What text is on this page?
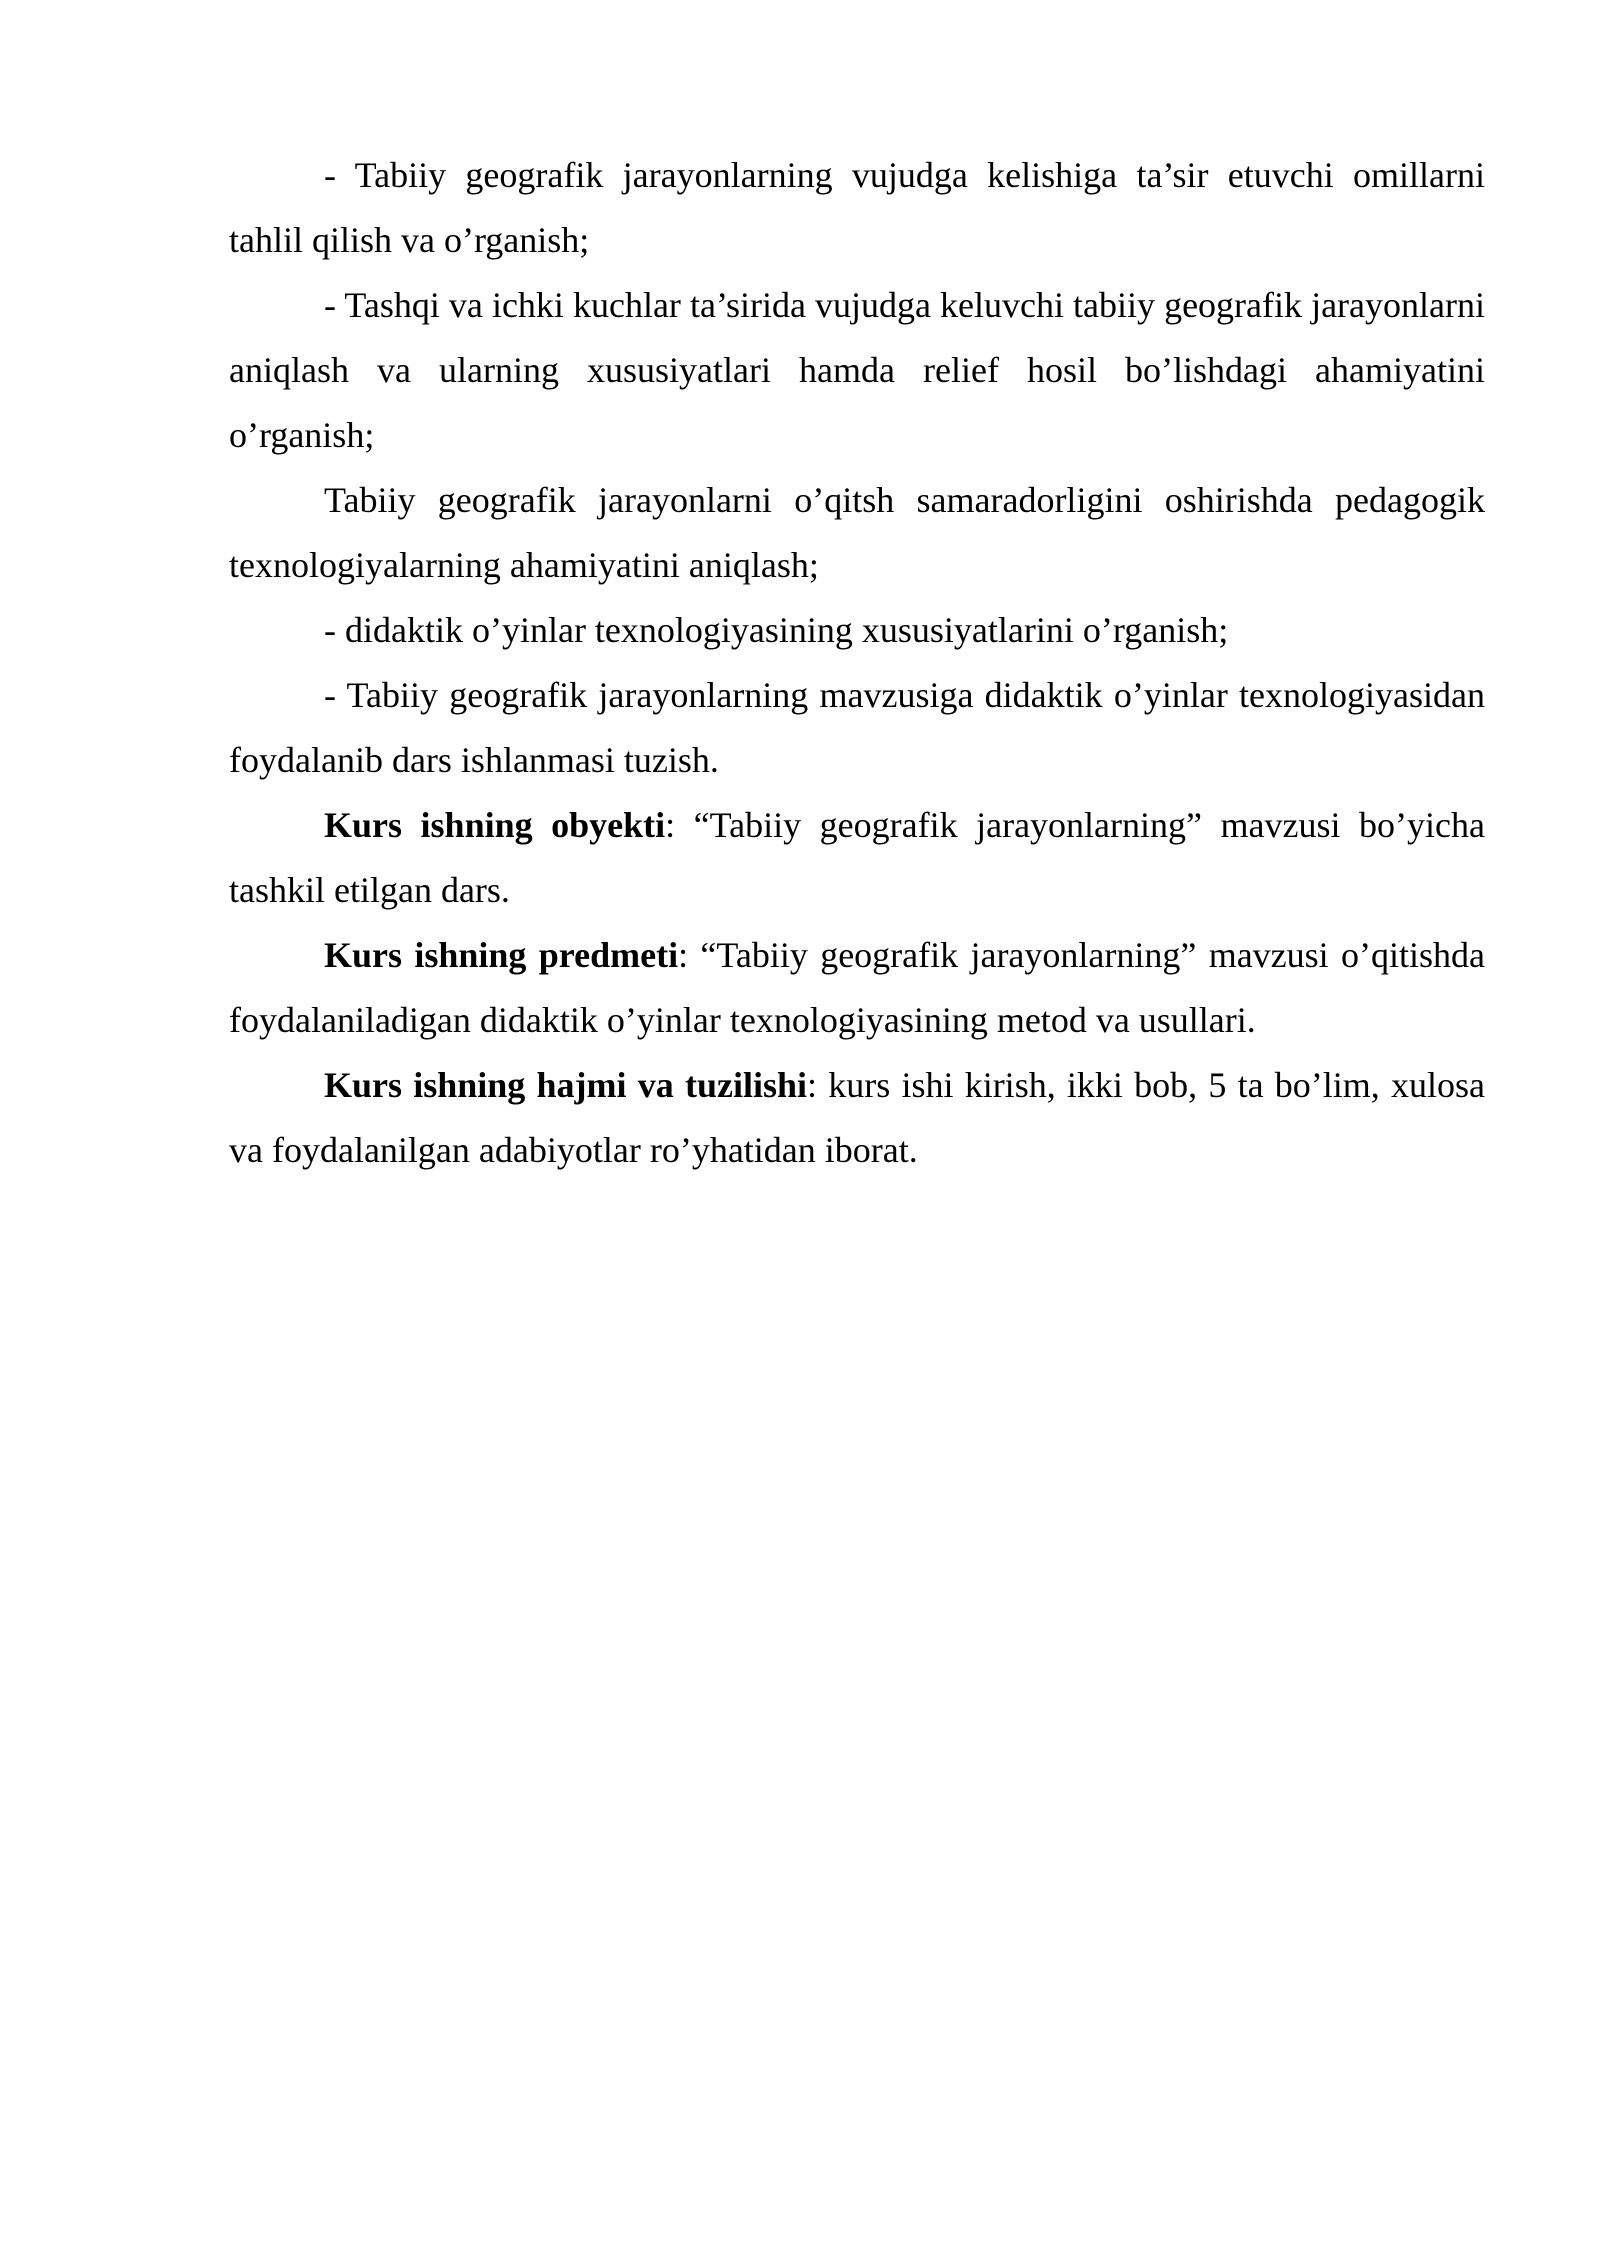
- Tabiiy geografik jarayonlarning vujudga kelishiga ta’sir etuvchi omillarni tahlil qilish va o’rganish;

- Tashqi va ichki kuchlar ta’sirida vujudga keluvchi tabiiy geografik jarayonlarni aniqlash va ularning xususiyatlari hamda relief hosil bo’lishdagi ahamiyatini o’rganish;

Tabiiy geografik jarayonlarni o’qitsh samaradorligini oshirishda pedagogik texnologiyalarning ahamiyatini aniqlash;

- didaktik o’yinlar texnologiyasining xususiyatlarini o’rganish;

- Tabiiy geografik jarayonlarning mavzusiga didaktik o’yinlar texnologiyasidan foydalanib dars ishlanmasi tuzish.

Kurs ishning obyekti: “Tabiiy geografik jarayonlarning” mavzusi bo’yicha tashkil etilgan dars.

Kurs ishning predmeti: “Tabiiy geografik jarayonlarning” mavzusi o’qitishda foydalaniladigan didaktik o’yinlar texnologiyasining metod va usullari.

Kurs ishning hajmi va tuzilishi: kurs ishi kirish, ikki bob, 5 ta bo’lim, xulosa va foydalanilgan adabiyotlar ro’yhatidan iborat.
